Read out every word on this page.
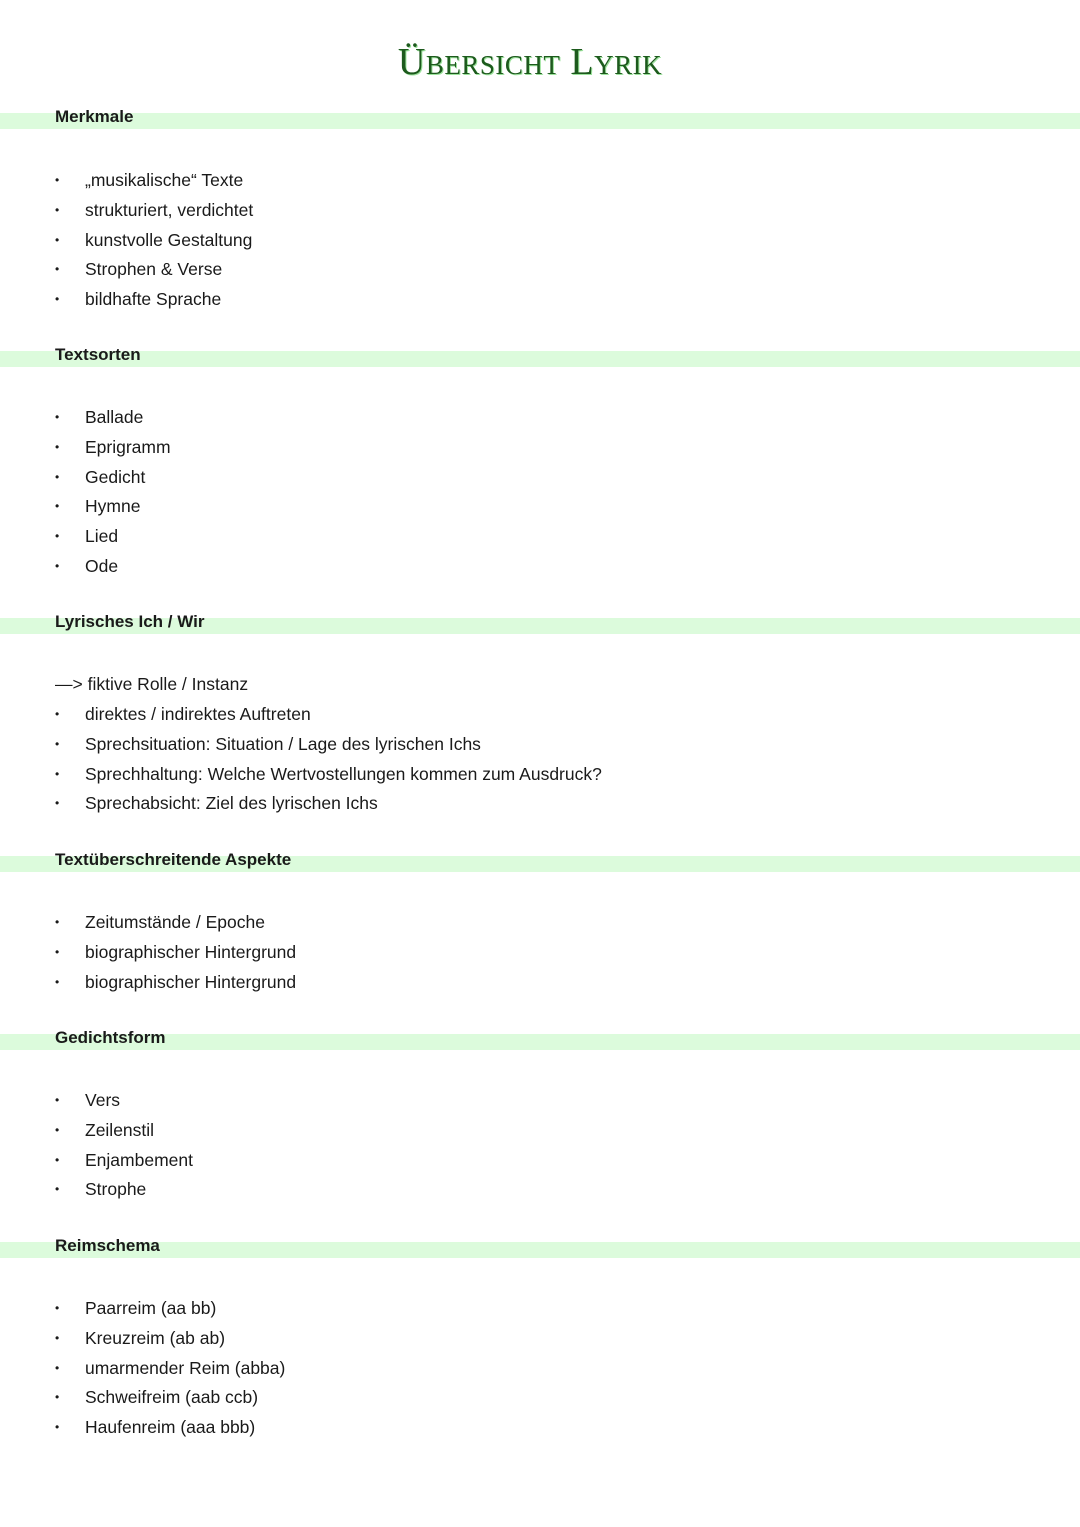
Übersicht Lyrik
Merkmale
• „musikalische“ Texte
• strukturiert, verdichtet
• kunstvolle Gestaltung
• Strophen & Verse
• bildhafte Sprache
Textsorten
• Ballade
• Eprigramm
• Gedicht
• Hymne
• Lied
• Ode
Lyrisches Ich / Wir
—> fiktive Rolle / Instanz
• direktes / indirektes Auftreten
• Sprechsituation: Situation / Lage des lyrischen Ichs
• Sprechhaltung: Welche Wertvostellungen kommen zum Ausdruck?
• Sprechabsicht: Ziel des lyrischen Ichs
Textüberschreitende Aspekte
• Zeitumstände / Epoche
• biographischer Hintergrund
• biographischer Hintergrund
Gedichtsform
• Vers
• Zeilenstil
• Enjambement
• Strophe
Reimschema
• Paarreim (aa bb)
• Kreuzreim (ab ab)
• umarmender Reim (abba)
• Schweifreim (aab ccb)
• Haufenreim (aaa bbb)
